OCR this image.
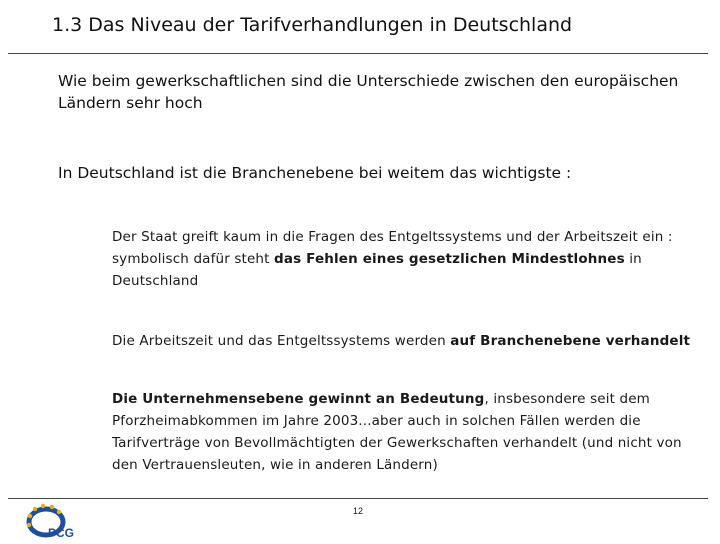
1.3 Das Niveau der Tarifverhandlungen in Deutschland
Wie beim gewerkschaftlichen sind die Unterschiede zwischen den europäischen Ländern sehr hoch
In Deutschland ist die Branchenebene bei weitem das wichtigste :
Der Staat greift kaum in die Fragen des Entgeltssystems und der Arbeitszeit ein : symbolisch dafür steht das Fehlen eines gesetzlichen Mindestlohnes in Deutschland
Die Arbeitszeit und das Entgeltssystems werden auf Branchenebene verhandelt
Die Unternehmensebene gewinnt an Bedeutung, insbesondere seit dem Pforzheimabkommen im Jahre 2003...aber auch in solchen Fällen werden die Tarifverträge von Bevollmächtigten der Gewerkschaften verhandelt (und nicht von den Vertrauensleuten, wie in anderen Ländern)
PCG
12
